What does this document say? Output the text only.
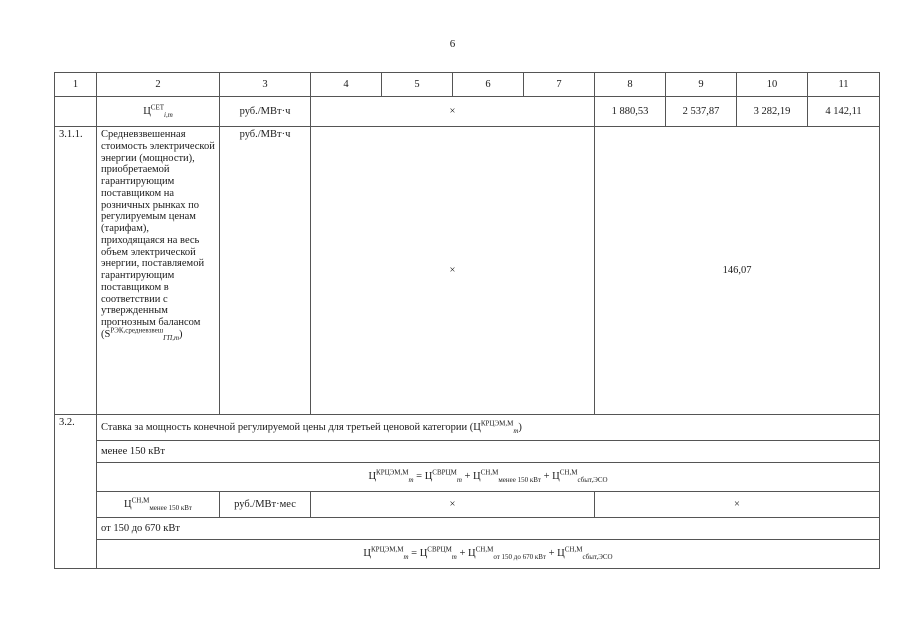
6
1	2	3	4	5	6	7	8	9	10	11
	$Ц^{СЕТ}_{i,m}$	руб./МВт·ч	×				1 880,53	2 537,87	3 282,19	4 142,11
3.1.1.	Средневзвешенная стоимость электрической энергии (мощности), приобретаемой гарантирующим поставщиком на розничных рынках по регулируемым ценам (тарифам), приходящаяся на весь объем электрической энергии, поставляемой гарантирующим поставщиком в соответствии с утвержденным прогнозным балансом $(S^{РЭК,средневзвеш}_{ГП,m})$	руб./МВт·ч	×				146,07			
3.2.	Ставка за мощность конечной регулируемой цены для третьей ценовой категории $(Ц^{КРЦЭМ,М}_m)$									
	менее 150 кВт									
	$Ц^{КРЦЭМ,М}_m = Ц^{СВРЦМ}_m + Ц^{СН,М}_{менее 150 кВт} + Ц^{СН,М}_{сбыт,ЭСО}$
	$Ц^{СН,М}_{менее 150 кВт}$	руб./МВт·мес	×				×			
	от 150 до 670 кВт									
	$Ц^{КРЦЭМ,М}_m = Ц^{СВРЦМ}_m + Ц^{СН,М}_{от 150 до 670 кВт} + Ц^{СН,М}_{сбыт,ЭСО}$
